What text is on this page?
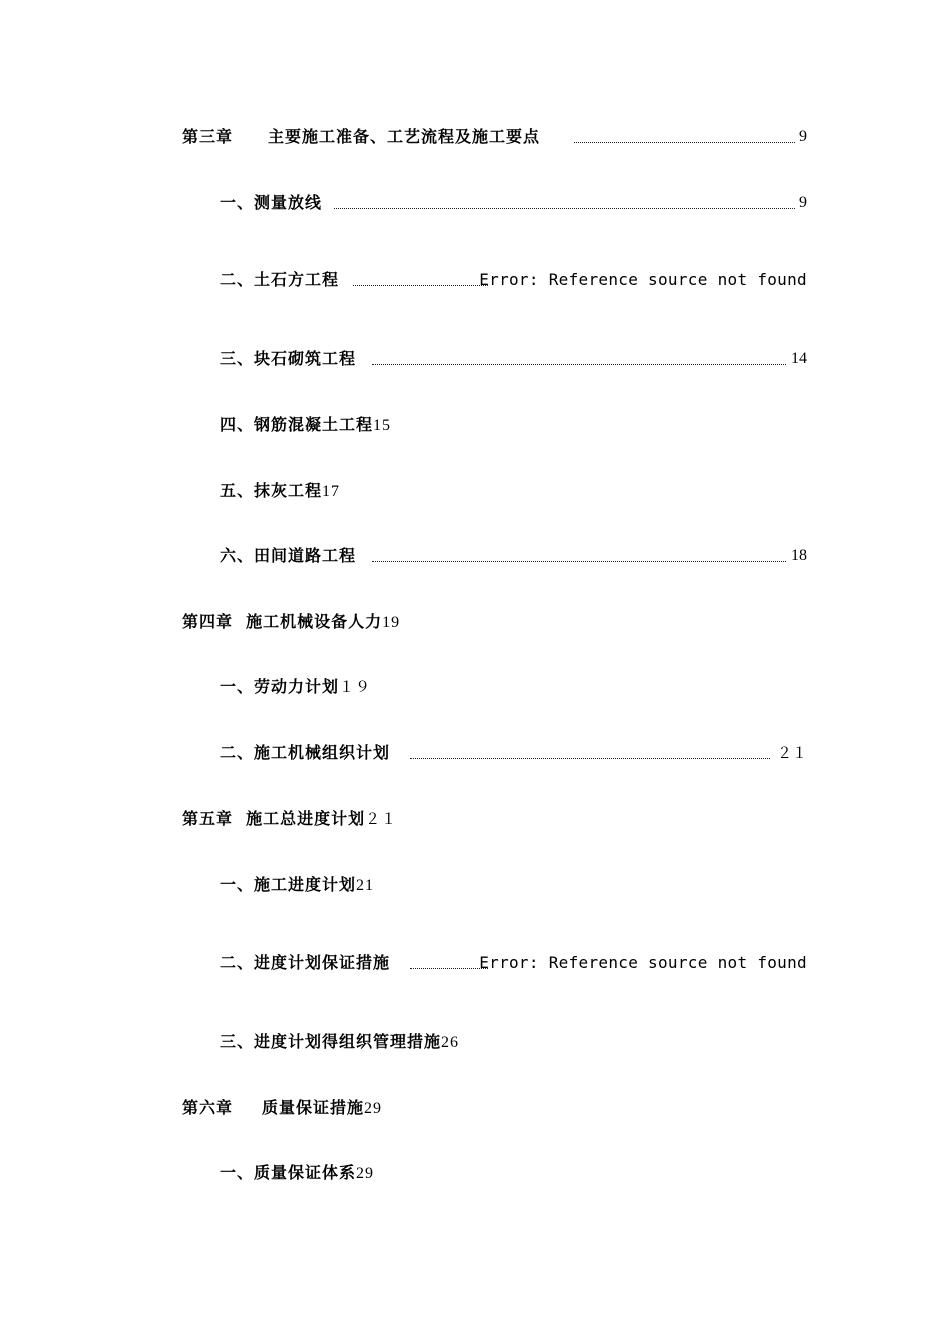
第三章 主要施工准备、工艺流程及施工要点	9
一、测量放线	9
二、土石方工程	Error: Reference source not found
三、块石砌筑工程	14
四、钢筋混凝土工程15
五、抹灰工程17
六、田间道路工程	18
第四章  施工机械设备人力19
一、劳动力计划１９
二、施工机械组织计划	２１
第五章  施工总进度计划２１
一、施工进度计划21
二、进度计划保证措施	Error: Reference source not found
三、进度计划得组织管理措施26
第六章 质量保证措施29
一、质量保证体系29
